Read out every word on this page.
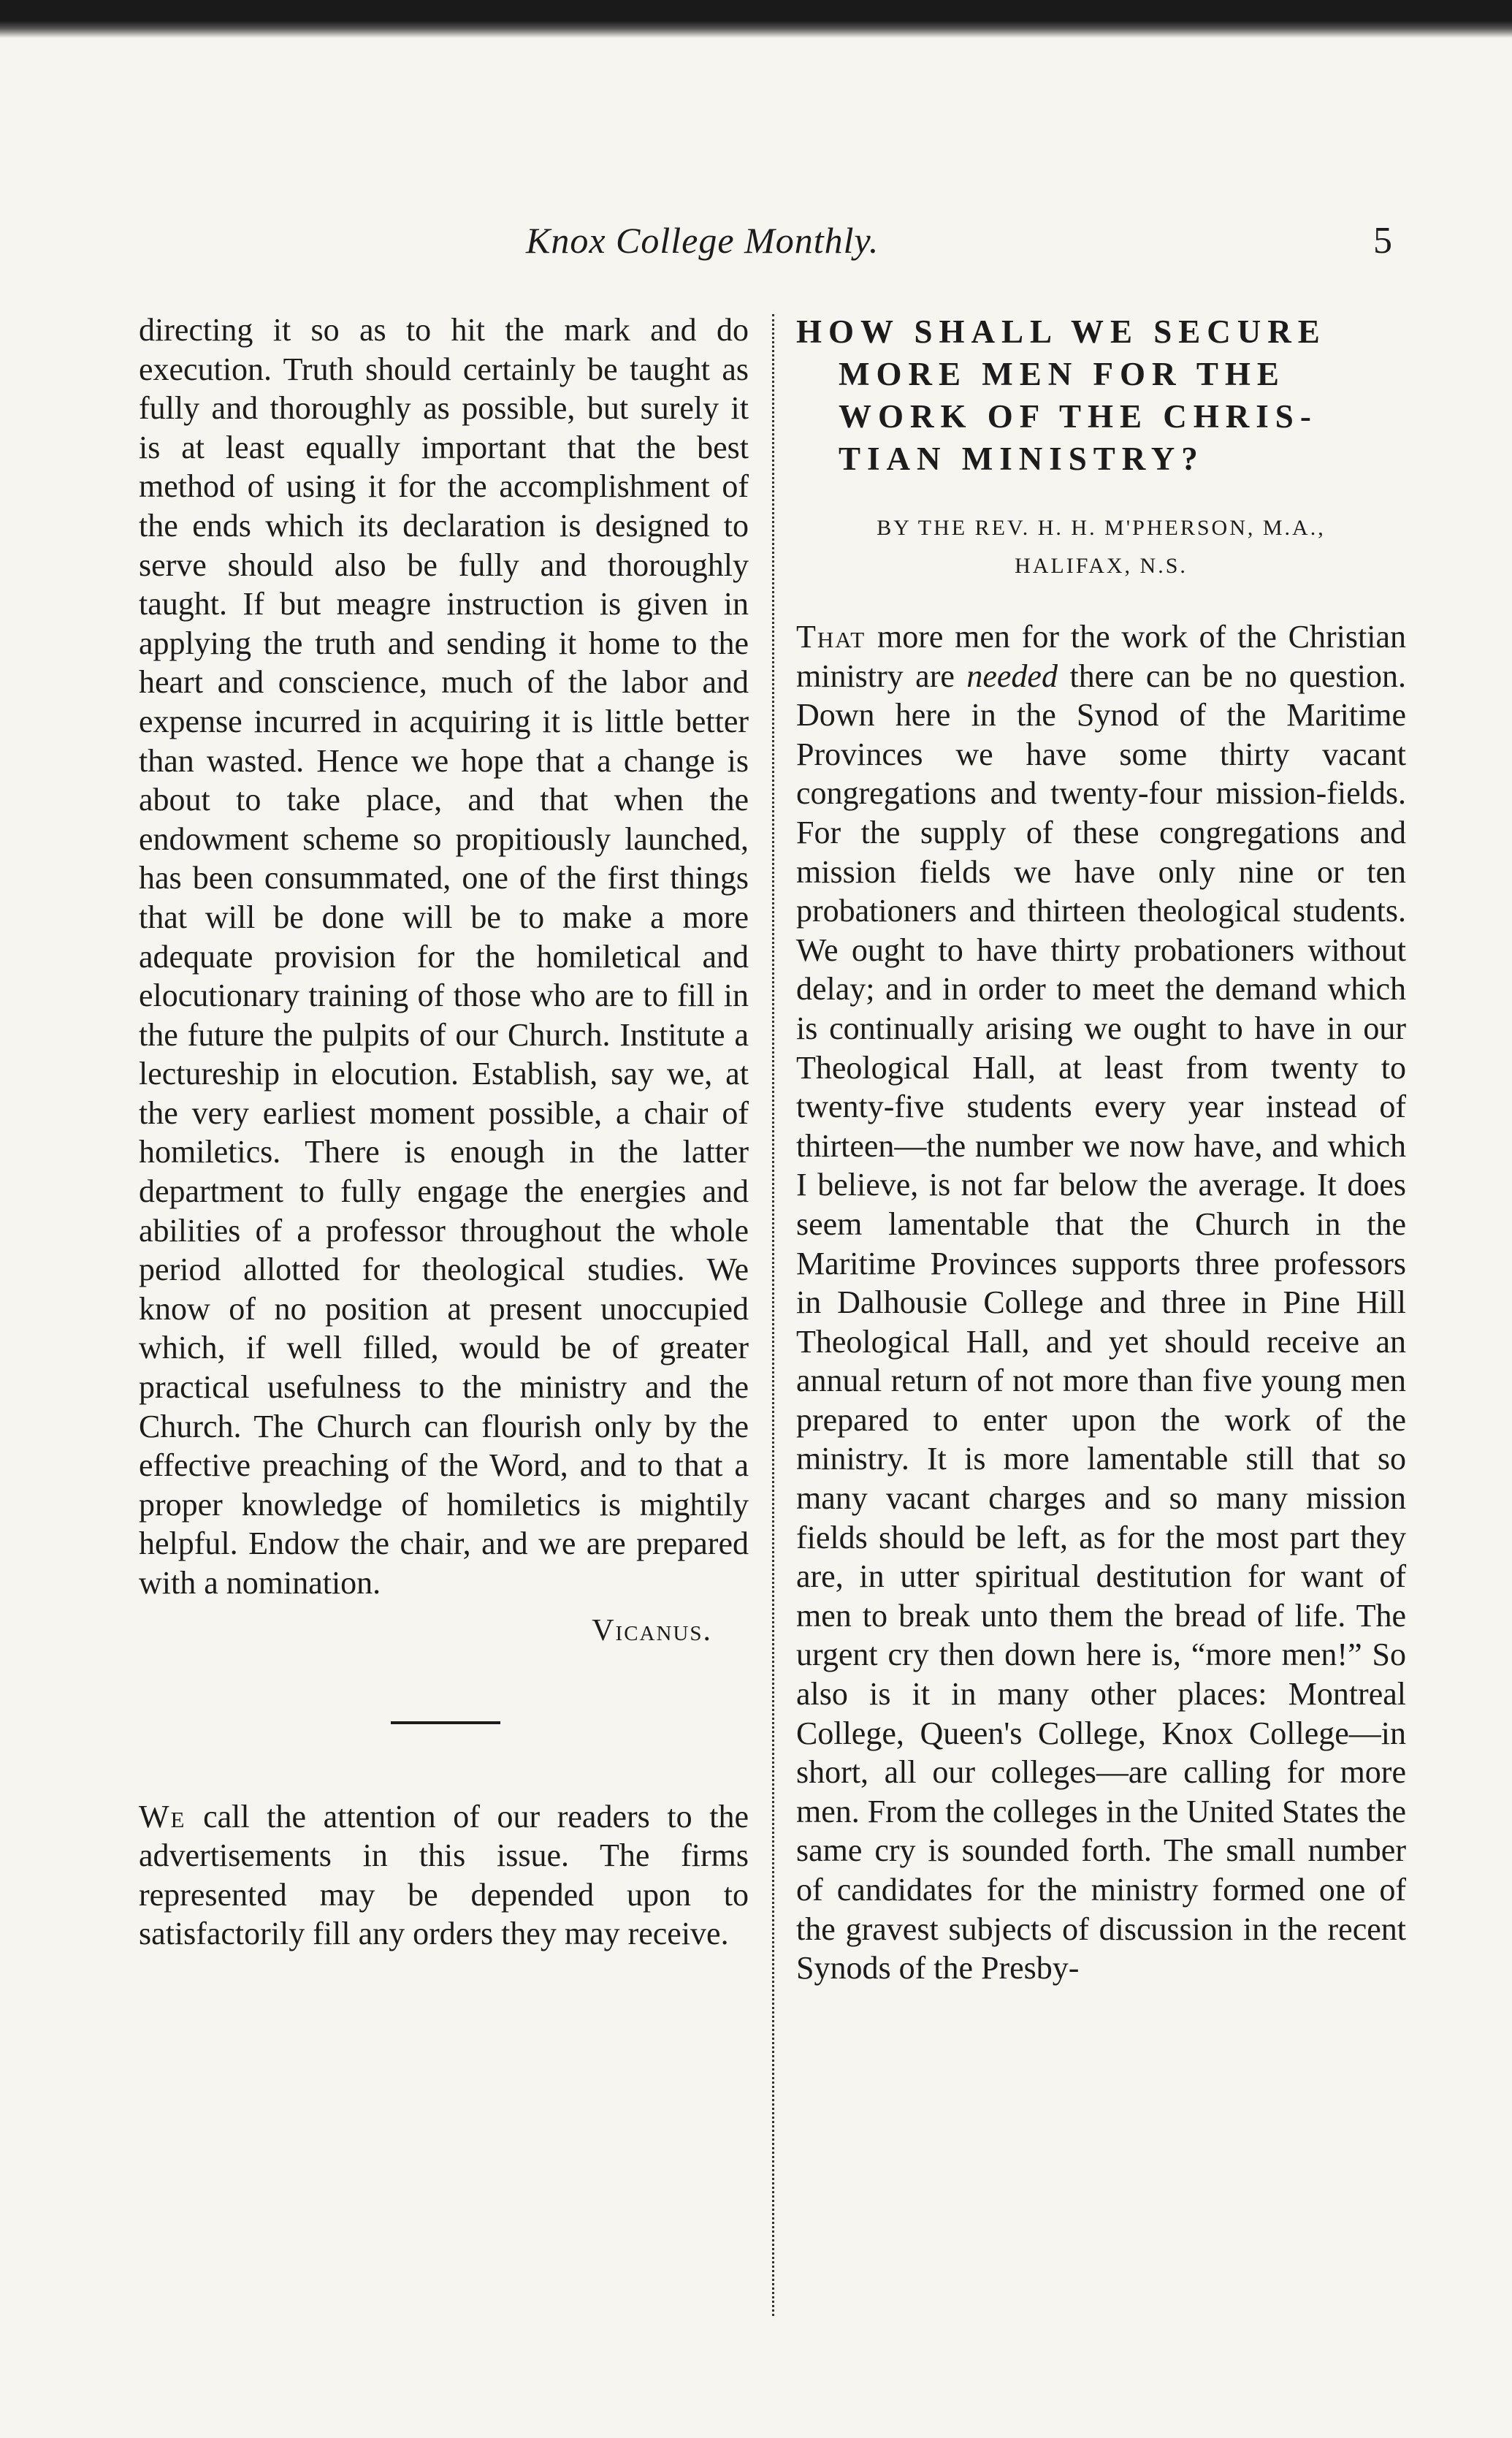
Knox College Monthly.	5

directing it so as to hit the mark and do execution. Truth should certainly be taught as fully and thoroughly as possible, but surely it is at least equally important that the best method of using it for the accomplishment of the ends which its declaration is designed to serve should also be fully and thoroughly taught. If but meagre instruction is given in applying the truth and sending it home to the heart and conscience, much of the labor and expense incurred in acquiring it is little better than wasted. Hence we hope that a change is about to take place, and that when the endowment scheme so propitiously launched, has been consummated, one of the first things that will be done will be to make a more adequate provision for the homiletical and elocutionary training of those who are to fill in the future the pulpits of our Church. Institute a lectureship in elocution. Establish, say we, at the very earliest moment possible, a chair of homiletics. There is enough in the latter department to fully engage the energies and abilities of a professor throughout the whole period allotted for theological studies. We know of no position at present unoccupied which, if well filled, would be of greater practical usefulness to the ministry and the Church. The Church can flourish only by the effective preaching of the Word, and to that a proper knowledge of homiletics is mightily helpful. Endow the chair, and we are prepared with a nomination.

Vicanus.

We call the attention of our readers to the advertisements in this issue. The firms represented may be depended upon to satisfactorily fill any orders they may receive.

HOW SHALL WE SECURE
MORE MEN FOR THE
WORK OF THE CHRIS-
TIAN MINISTRY?
BY THE REV. H. H. M'PHERSON, M.A.,
HALIFAX, N.S.

That more men for the work of the Christian ministry are needed there can be no question. Down here in the Synod of the Maritime Provinces we have some thirty vacant congregations and twenty-four mission-fields. For the supply of these congregations and mission fields we have only nine or ten probationers and thirteen theological students. We ought to have thirty probationers without delay; and in order to meet the demand which is continually arising we ought to have in our Theological Hall, at least from twenty to twenty-five students every year instead of thirteen—the number we now have, and which I believe, is not far below the average. It does seem lamentable that the Church in the Maritime Provinces supports three professors in Dalhousie College and three in Pine Hill Theological Hall, and yet should receive an annual return of not more than five young men prepared to enter upon the work of the ministry. It is more lamentable still that so many vacant charges and so many mission fields should be left, as for the most part they are, in utter spiritual destitution for want of men to break unto them the bread of life. The urgent cry then down here is, “more men!” So also is it in many other places: Montreal College, Queen's College, Knox College—in short, all our colleges—are calling for more men. From the colleges in the United States the same cry is sounded forth. The small number of candidates for the ministry formed one of the gravest subjects of discussion in the recent Synods of the Presby-
